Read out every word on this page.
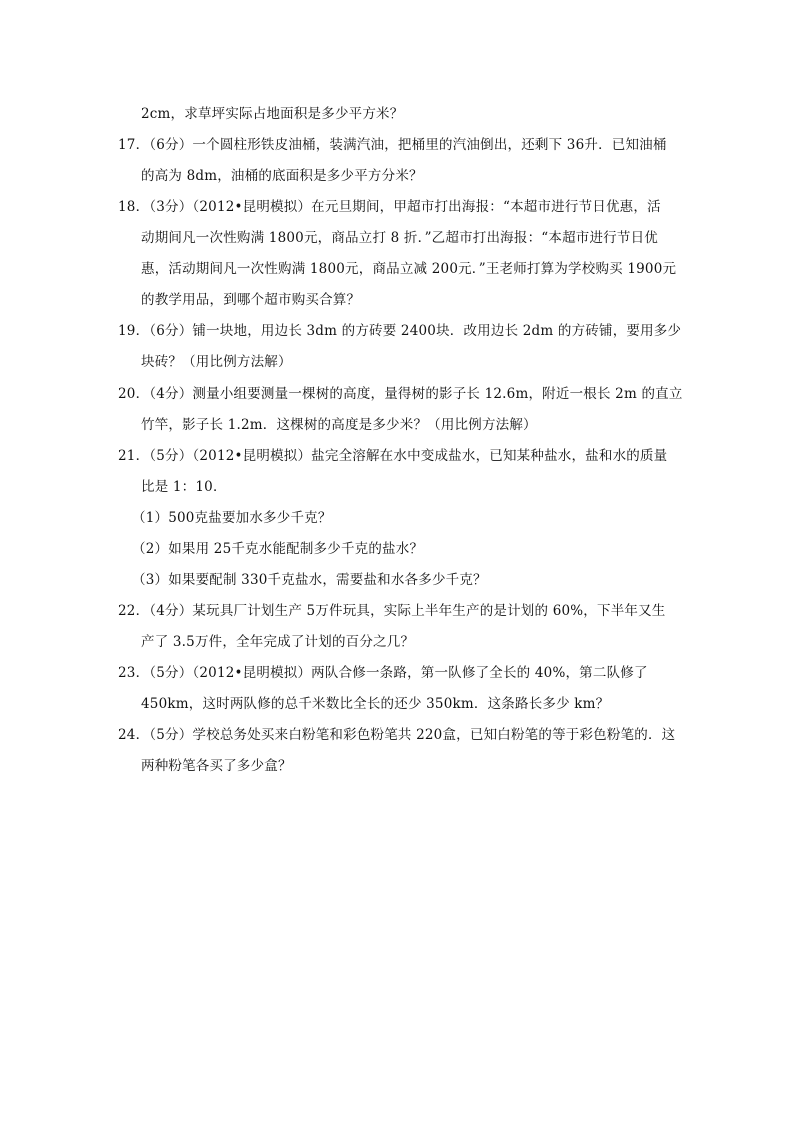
2cm，求草坪实际占地面积是多少平方米？
17．（6分）一个圆柱形铁皮油桶，装满汽油，把桶里的汽油倒出，还剩下 36升．已知油桶
的高为 8dm，油桶的底面积是多少平方分米？
18．（3分）（2012•昆明模拟）在元旦期间，甲超市打出海报：“本超市进行节日优惠，活
动期间凡一次性购满 1800元，商品立打 8 折．”乙超市打出海报：“本超市进行节日优
惠，活动期间凡一次性购满 1800元，商品立减 200元．”王老师打算为学校购买 1900元
的教学用品，到哪个超市购买合算？
19．（6分）铺一块地，用边长 3dm 的方砖要 2400块．改用边长 2dm 的方砖铺，要用多少
块砖？（用比例方法解）
20．（4分）测量小组要测量一棵树的高度，量得树的影子长 12.6m，附近一根长 2m 的直立
竹竿，影子长 1.2m．这棵树的高度是多少米？（用比例方法解）
21．（5分）（2012•昆明模拟）盐完全溶解在水中变成盐水，已知某种盐水，盐和水的质量
比是 1：10．
（1）500克盐要加水多少千克？
（2）如果用 25千克水能配制多少千克的盐水？
（3）如果要配制 330千克盐水，需要盐和水各多少千克？
22．（4分）某玩具厂计划生产 5万件玩具，实际上半年生产的是计划的 60%，下半年又生
产了 3.5万件，全年完成了计划的百分之几？
23．（5分）（2012•昆明模拟）两队合修一条路，第一队修了全长的 40%，第二队修了
450km，这时两队修的总千米数比全长的还少 350km．这条路长多少 km？
24．（5分）学校总务处买来白粉笔和彩色粉笔共 220盒，已知白粉笔的等于彩色粉笔的．这
两种粉笔各买了多少盒？
